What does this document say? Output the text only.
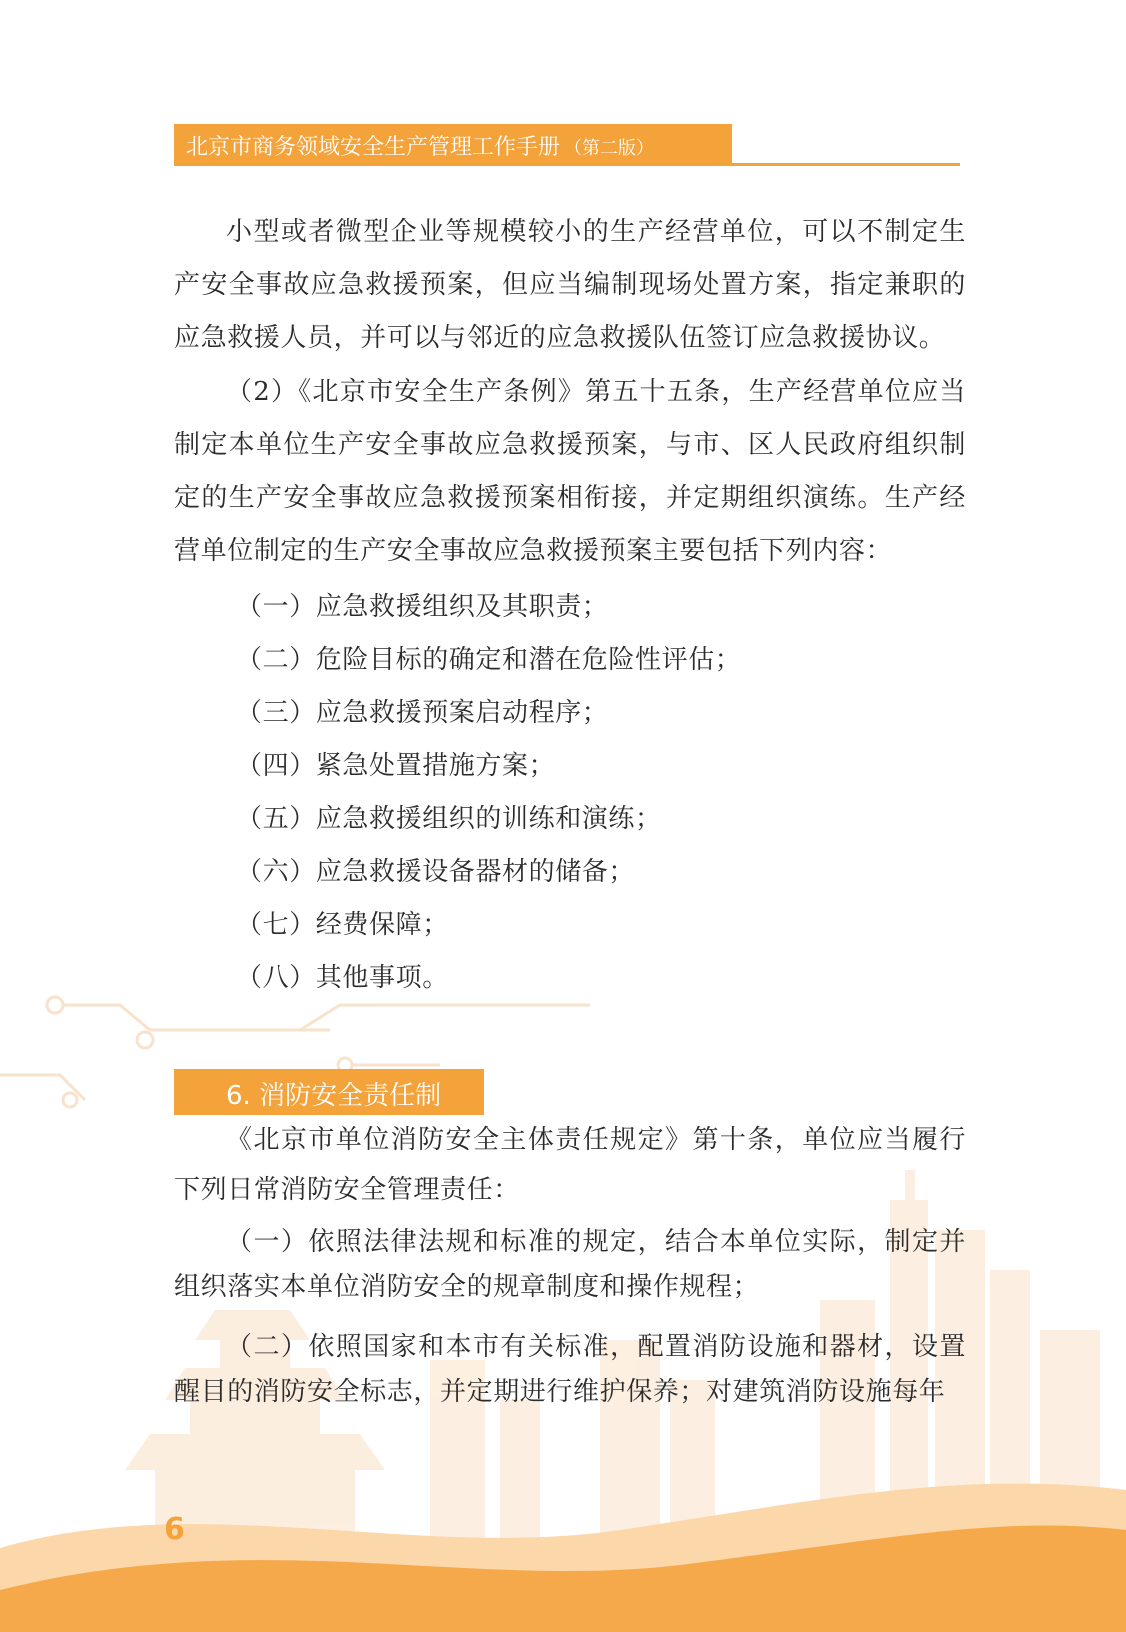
北京市商务领域安全生产管理工作手册 （第二版）

小型或者微型企业等规模较小的生产经营单位，可以不制定生产安全事故应急救援预案，但应当编制现场处置方案，指定兼职的应急救援人员，并可以与邻近的应急救援队伍签订应急救援协议。

（2）《北京市安全生产条例》第五十五条，生产经营单位应当制定本单位生产安全事故应急救援预案，与市、区人民政府组织制定的生产安全事故应急救援预案相衔接，并定期组织演练。生产经营单位制定的生产安全事故应急救援预案主要包括下列内容：

（一）应急救援组织及其职责；
（二）危险目标的确定和潜在危险性评估；
（三）应急救援预案启动程序；
（四）紧急处置措施方案；
（五）应急救援组织的训练和演练；
（六）应急救援设备器材的储备；
（七）经费保障；
（八）其他事项。
6. 消防安全责任制

《北京市单位消防安全主体责任规定》第十条，单位应当履行下列日常消防安全管理责任：

（一）依照法律法规和标准的规定，结合本单位实际，制定并组织落实本单位消防安全的规章制度和操作规程；

（二）依照国家和本市有关标准，配置消防设施和器材，设置醒目的消防安全标志，并定期进行维护保养；对建筑消防设施每年

6
